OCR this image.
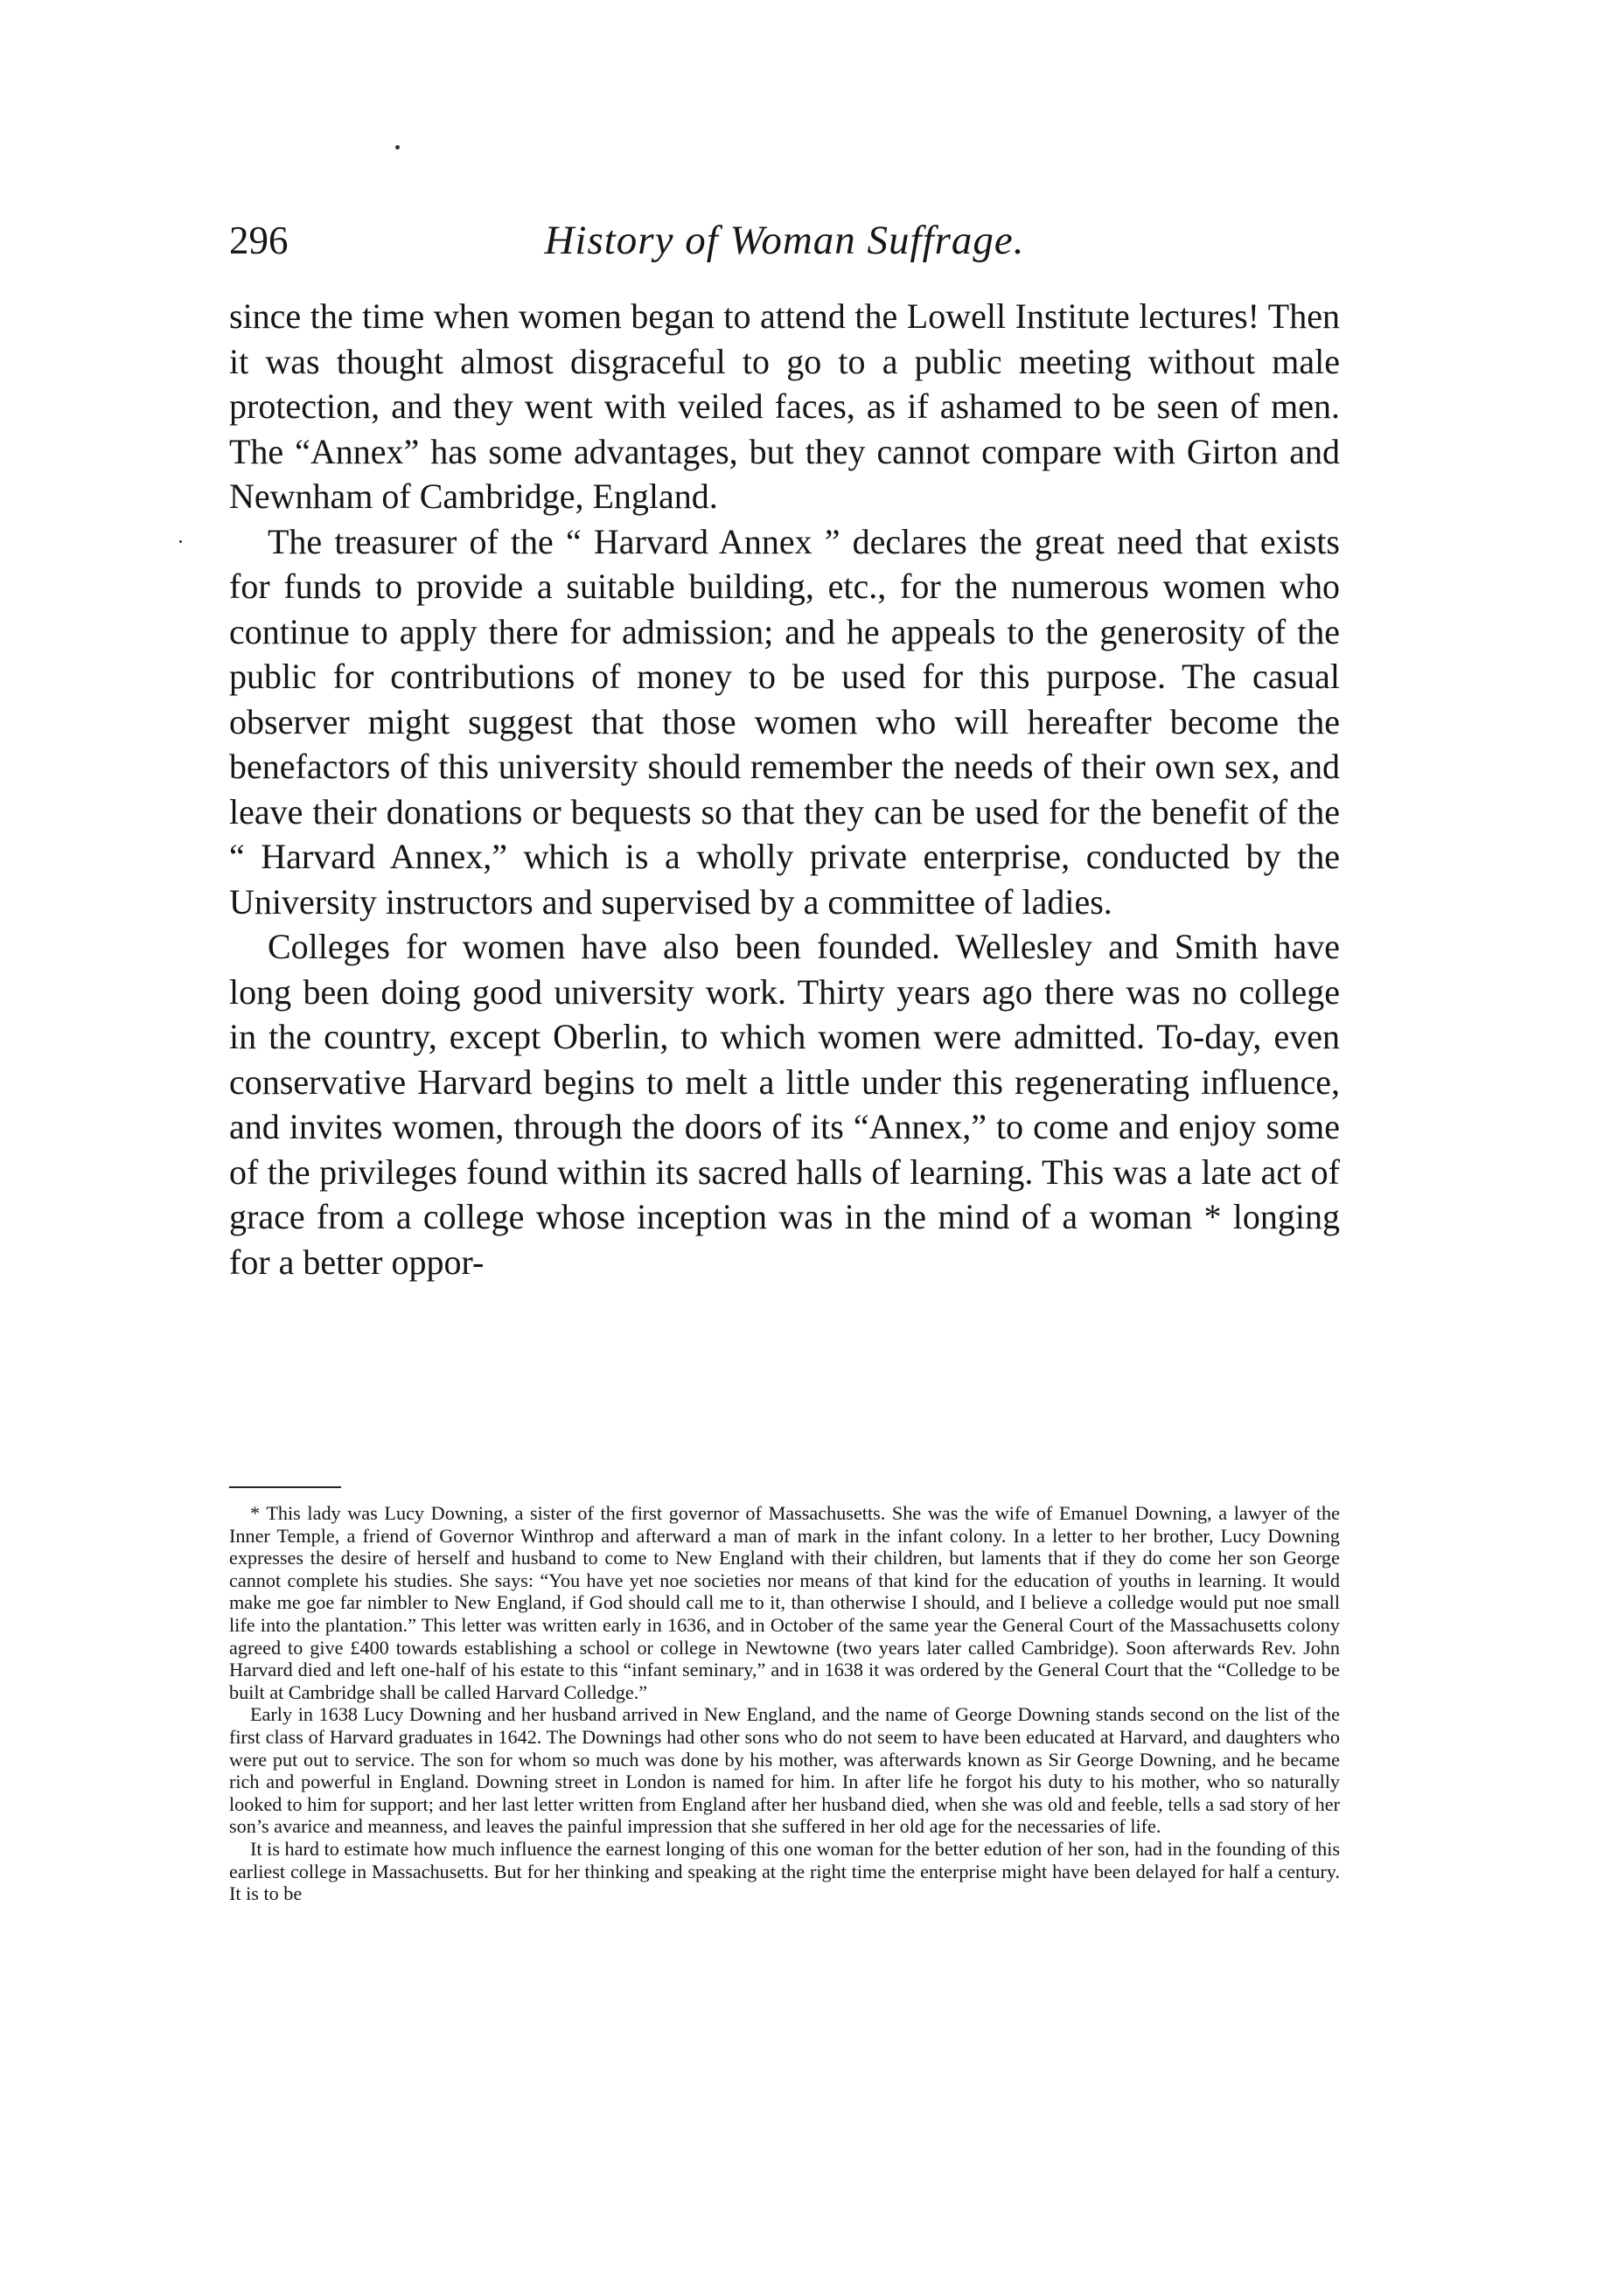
296	History of Woman Suffrage.

since the time when women began to attend the Lowell Institute lectures! Then it was thought almost disgraceful to go to a public meeting without male protection, and they went with veiled faces, as if ashamed to be seen of men. The “Annex” has some advantages, but they cannot compare with Girton and Newnham of Cambridge, England.

The treasurer of the “ Harvard Annex ” declares the great need that exists for funds to provide a suitable building, etc., for the numerous women who continue to apply there for admission; and he appeals to the generosity of the public for contributions of money to be used for this purpose. The casual observer might suggest that those women who will hereafter become the benefactors of this university should remember the needs of their own sex, and leave their donations or bequests so that they can be used for the benefit of the “ Harvard Annex,” which is a wholly private enterprise, conducted by the University instructors and supervised by a committee of ladies.

Colleges for women have also been founded. Wellesley and Smith have long been doing good university work. Thirty years ago there was no college in the country, except Oberlin, to which women were admitted. To-day, even conservative Harvard begins to melt a little under this regenerating influence, and invites women, through the doors of its “Annex,” to come and enjoy some of the privileges found within its sacred halls of learning. This was a late act of grace from a college whose inception was in the mind of a woman * longing for a better oppor-

* This lady was Lucy Downing, a sister of the first governor of Massachusetts. She was the wife of Emanuel Downing, a lawyer of the Inner Temple, a friend of Governor Winthrop and afterward a man of mark in the infant colony. In a letter to her brother, Lucy Downing expresses the desire of herself and husband to come to New England with their children, but laments that if they do come her son George cannot complete his studies. She says: “You have yet noe societies nor means of that kind for the education of youths in learning. It would make me goe far nimbler to New England, if God should call me to it, than otherwise I should, and I believe a colledge would put noe small life into the plantation.” This letter was written early in 1636, and in October of the same year the General Court of the Massachusetts colony agreed to give £400 towards establishing a school or college in Newtowne (two years later called Cambridge). Soon afterwards Rev. John Harvard died and left one-half of his estate to this “infant seminary,” and in 1638 it was ordered by the General Court that the “Colledge to be built at Cambridge shall be called Harvard Colledge.”

Early in 1638 Lucy Downing and her husband arrived in New England, and the name of George Downing stands second on the list of the first class of Harvard graduates in 1642. The Downings had other sons who do not seem to have been educated at Harvard, and daughters who were put out to service. The son for whom so much was done by his mother, was afterwards known as Sir George Downing, and he became rich and powerful in England. Downing street in London is named for him. In after life he forgot his duty to his mother, who so naturally looked to him for support; and her last letter written from England after her husband died, when she was old and feeble, tells a sad story of her son’s avarice and meanness, and leaves the painful impression that she suffered in her old age for the necessaries of life.

It is hard to estimate how much influence the earnest longing of this one woman for the better edution of her son, had in the founding of this earliest college in Massachusetts. But for her thinking and speaking at the right time the enterprise might have been delayed for half a century. It is to be
